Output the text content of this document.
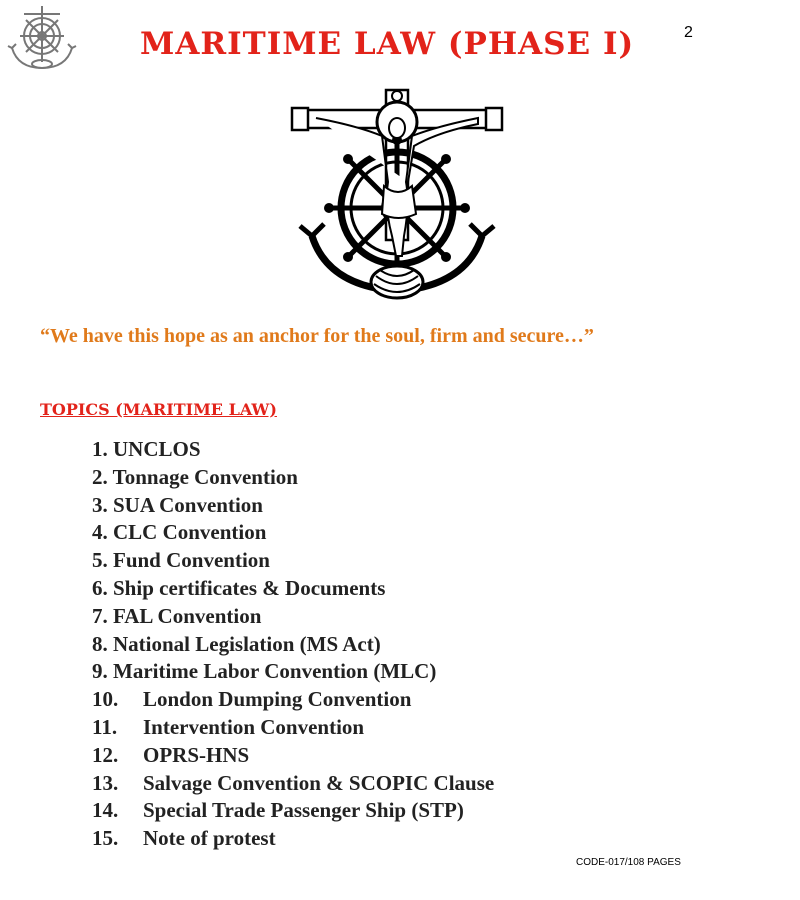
MARITIME LAW (PHASE I)	2
“We have this hope as an anchor for the soul, firm and secure…”
TOPICS (MARITIME LAW)
1. UNCLOS
2. Tonnage Convention
3. SUA Convention
4. CLC Convention
5. Fund Convention
6. Ship certificates & Documents
7. FAL Convention
8. National Legislation (MS Act)
9. Maritime Labor Convention (MLC)
10. London Dumping Convention
11. Intervention Convention
12. OPRS-HNS
13. Salvage Convention & SCOPIC Clause
14. Special Trade Passenger Ship (STP)
15. Note of protest
CODE-017/108 PAGES
